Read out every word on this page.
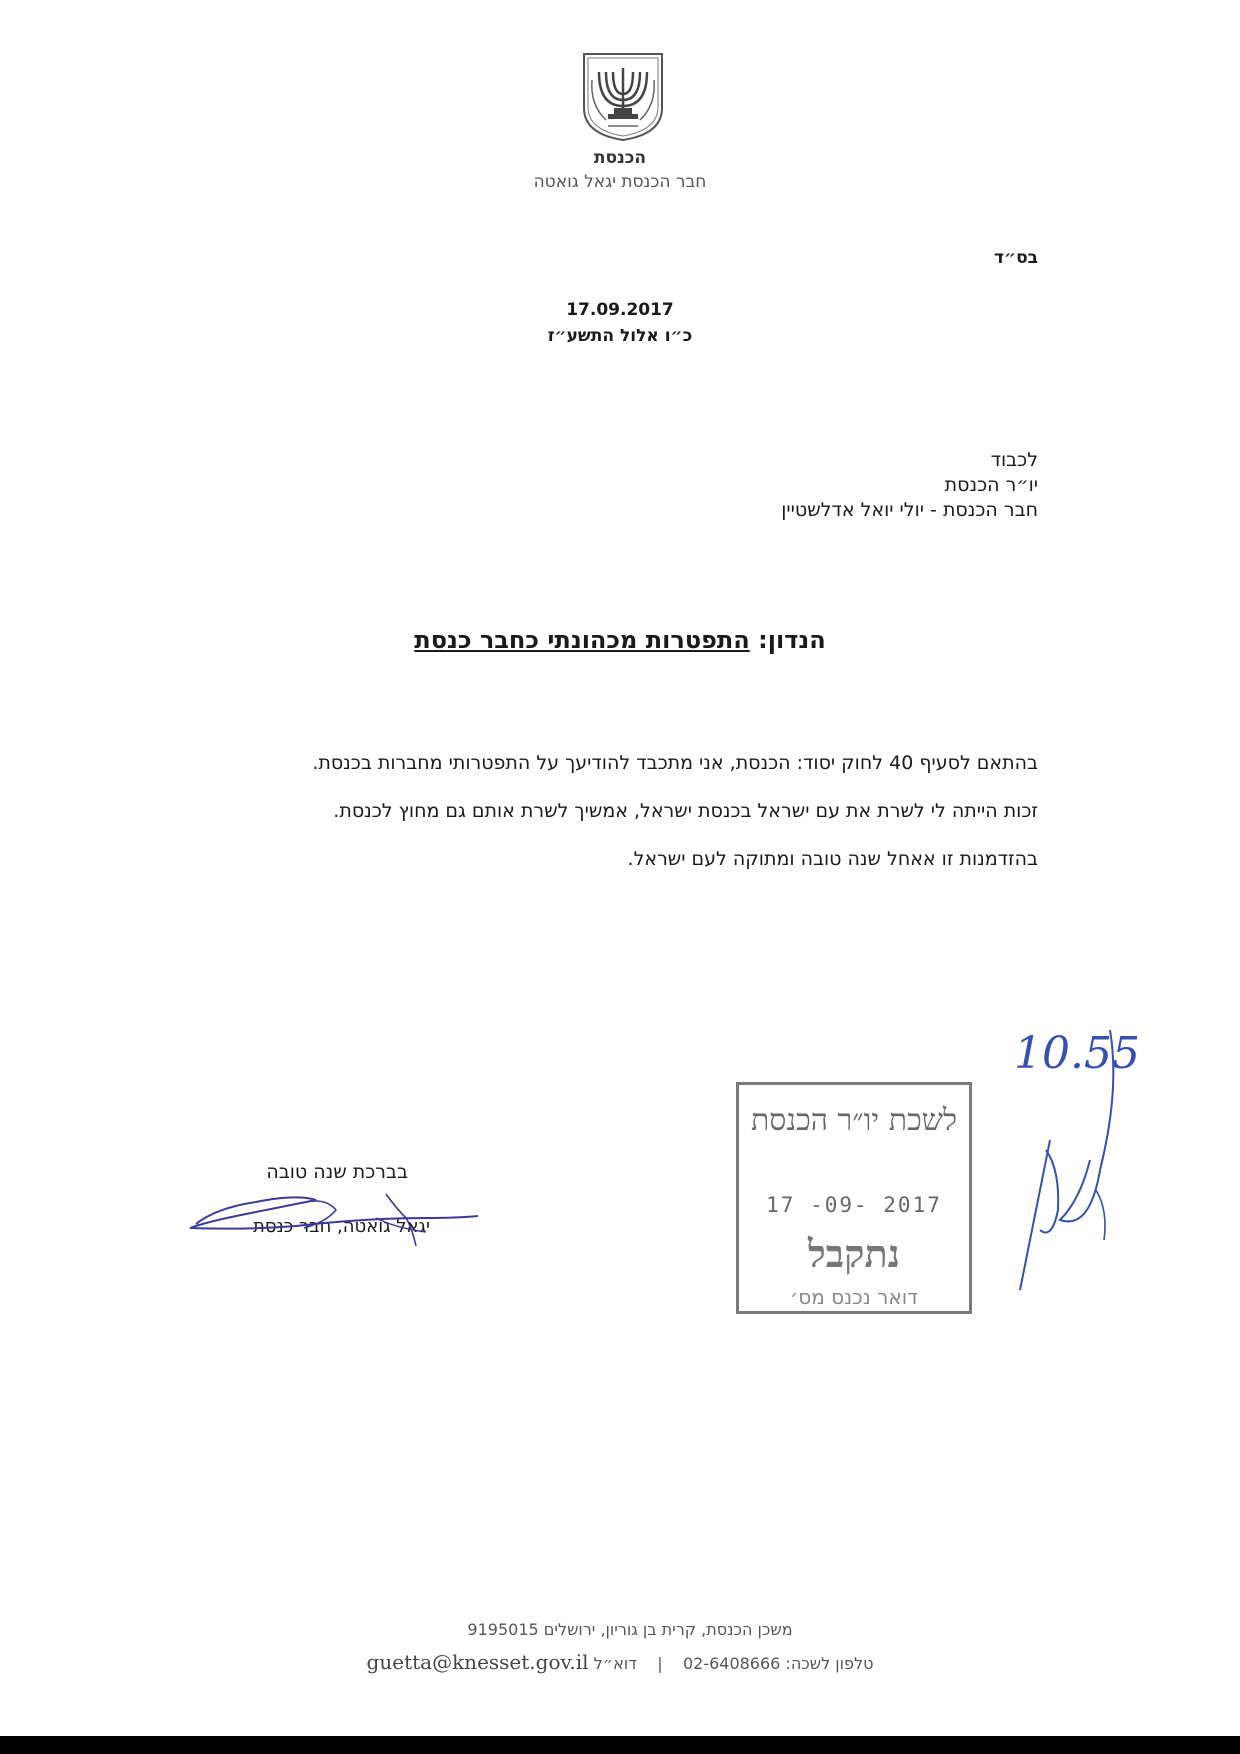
הכנסת
חבר הכנסת יגאל גואטה
בס״ד
17.09.2017
כ״ו אלול התשע״ז
לכבוד
יו״ר הכנסת
חבר הכנסת - יולי יואל אדלשטיין
הנדון: התפטרות מכהונתי כחבר כנסת
בהתאם לסעיף 40 לחוק יסוד: הכנסת, אני מתכבד להודיעך על התפטרותי מחברות בכנסת.
זכות הייתה לי לשרת את עם ישראל בכנסת ישראל, אמשיך לשרת אותם גם מחוץ לכנסת.
בהזדמנות זו אאחל שנה טובה ומתוקה לעם ישראל.
בברכת שנה טובה
יגאל גואטה, חבר כנסת
לשכת יו״ר הכנסת
17 -09- 2017
נתקבל
דואר נכנס מס׳
10.55
משכן הכנסת, קרית בן גוריון, ירושלים 9195015
טלפון לשכה: 02-6408666    |    דוא״ל guetta@knesset.gov.il
